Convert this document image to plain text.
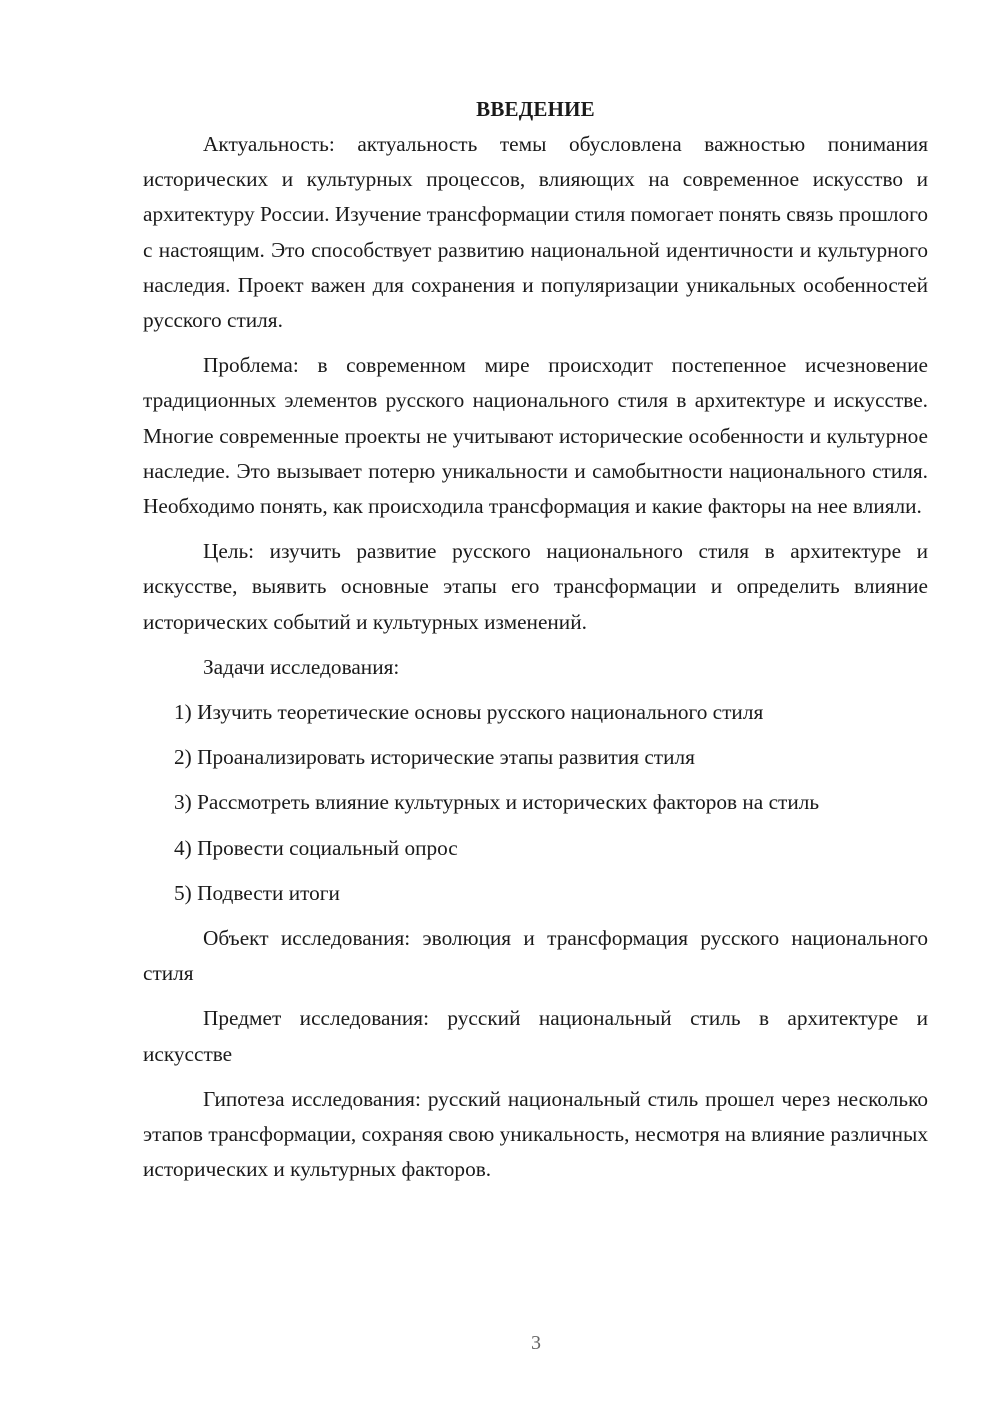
ВВЕДЕНИЕ

Актуальность: актуальность темы обусловлена важностью понимания исторических и культурных процессов, влияющих на современное искусство и архитектуру России. Изучение трансформации стиля помогает понять связь прошлого с настоящим. Это способствует развитию национальной идентичности и культурного наследия. Проект важен для сохранения и популяризации уникальных особенностей русского стиля.

Проблема: в современном мире происходит постепенное исчезновение традиционных элементов русского национального стиля в архитектуре и искусстве. Многие современные проекты не учитывают исторические особенности и культурное наследие. Это вызывает потерю уникальности и самобытности национального стиля. Необходимо понять, как происходила трансформация и какие факторы на нее влияли.

Цель: изучить развитие русского национального стиля в архитектуре и искусстве, выявить основные этапы его трансформации и определить влияние исторических событий и культурных изменений.

Задачи исследования:

1) Изучить теоретические основы русского национального стиля
2) Проанализировать исторические этапы развития стиля
3) Рассмотреть влияние культурных и исторических факторов на стиль
4) Провести социальный опрос
5) Подвести итоги

Объект исследования: эволюция и трансформация русского национального стиля

Предмет исследования: русский национальный стиль в архитектуре и искусстве

Гипотеза исследования: русский национальный стиль прошел через несколько этапов трансформации, сохраняя свою уникальность, несмотря на влияние различных исторических и культурных факторов.

3
